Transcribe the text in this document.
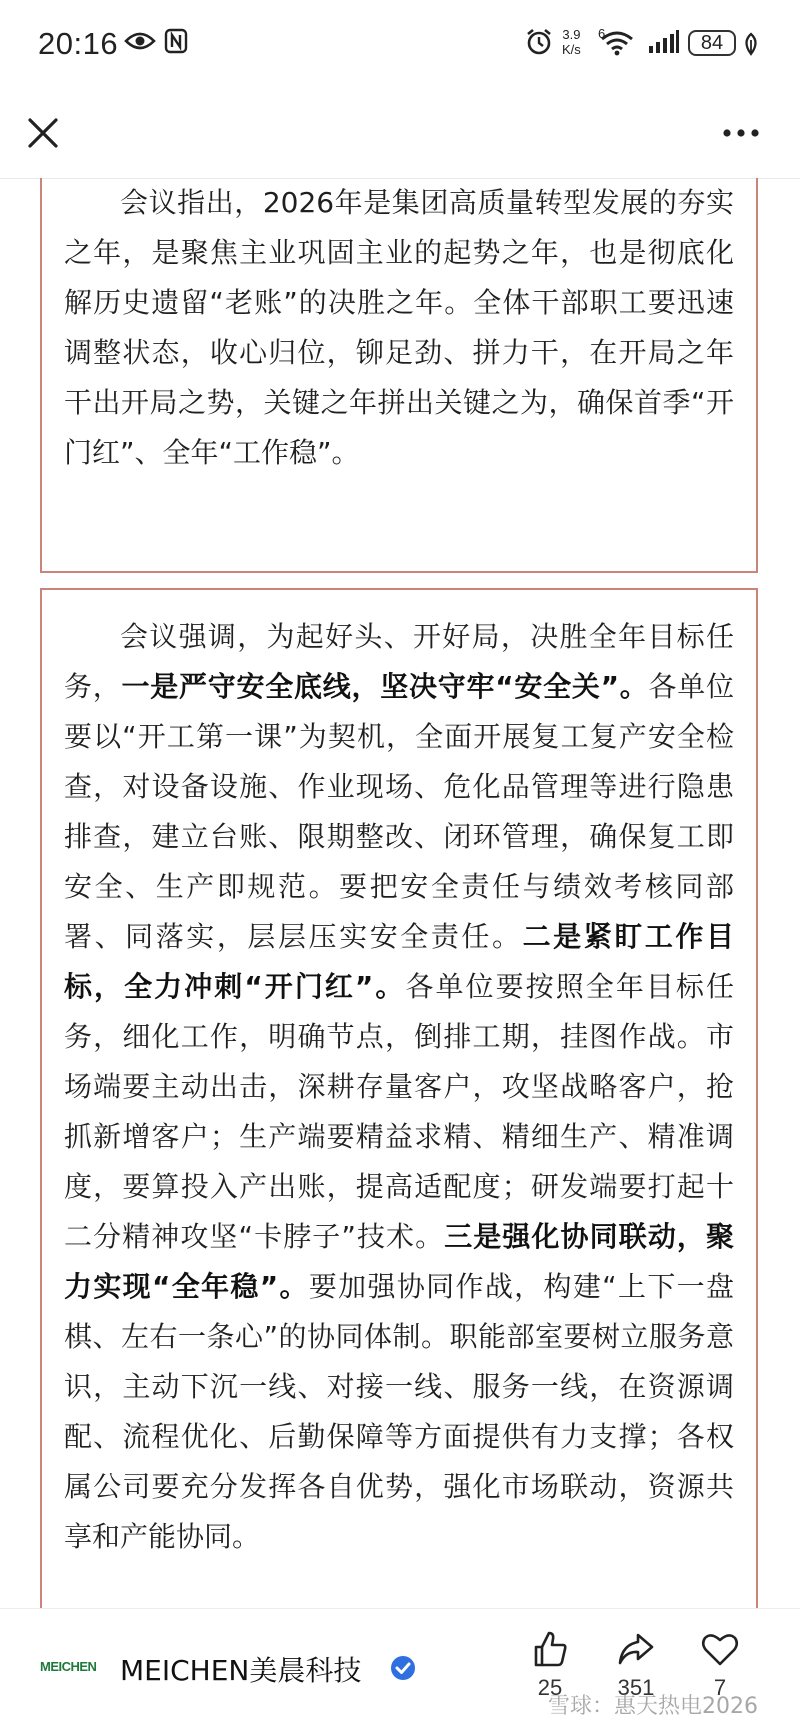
20:16	3.9
K/s
6	84

会议指出，2026年是集团高质量转型发展的夯实之年，是聚焦主业巩固主业的起势之年，也是彻底化解历史遗留“老账”的决胜之年。全体干部职工要迅速调整状态，收心归位，铆足劲、拼力干，在开局之年干出开局之势，关键之年拼出关键之为，确保首季“开门红”、全年“工作稳”。

会议强调，为起好头、开好局，决胜全年目标任务，一是严守安全底线，坚决守牢“安全关”。各单位要以“开工第一课”为契机，全面开展复工复产安全检查，对设备设施、作业现场、危化品管理等进行隐患排查，建立台账、限期整改、闭环管理，确保复工即安全、生产即规范。要把安全责任与绩效考核同部署、同落实，层层压实安全责任。二是紧盯工作目标，全力冲刺“开门红”。各单位要按照全年目标任务，细化工作，明确节点，倒排工期，挂图作战。市场端要主动出击，深耕存量客户，攻坚战略客户，抢抓新增客户；生产端要精益求精、精细生产、精准调度，要算投入产出账，提高适配度；研发端要打起十二分精神攻坚“卡脖子”技术。三是强化协同联动，聚力实现“全年稳”。要加强协同作战，构建“上下一盘棋、左右一条心”的协同体制。职能部室要树立服务意识，主动下沉一线、对接一线、服务一线，在资源调配、流程优化、后勤保障等方面提供有力支撑；各权属公司要充分发挥各自优势，强化市场联动，资源共享和产能协同。

MEICHEN MEICHEN美晨科技
25	351	7
雪球：惠天热电2026
